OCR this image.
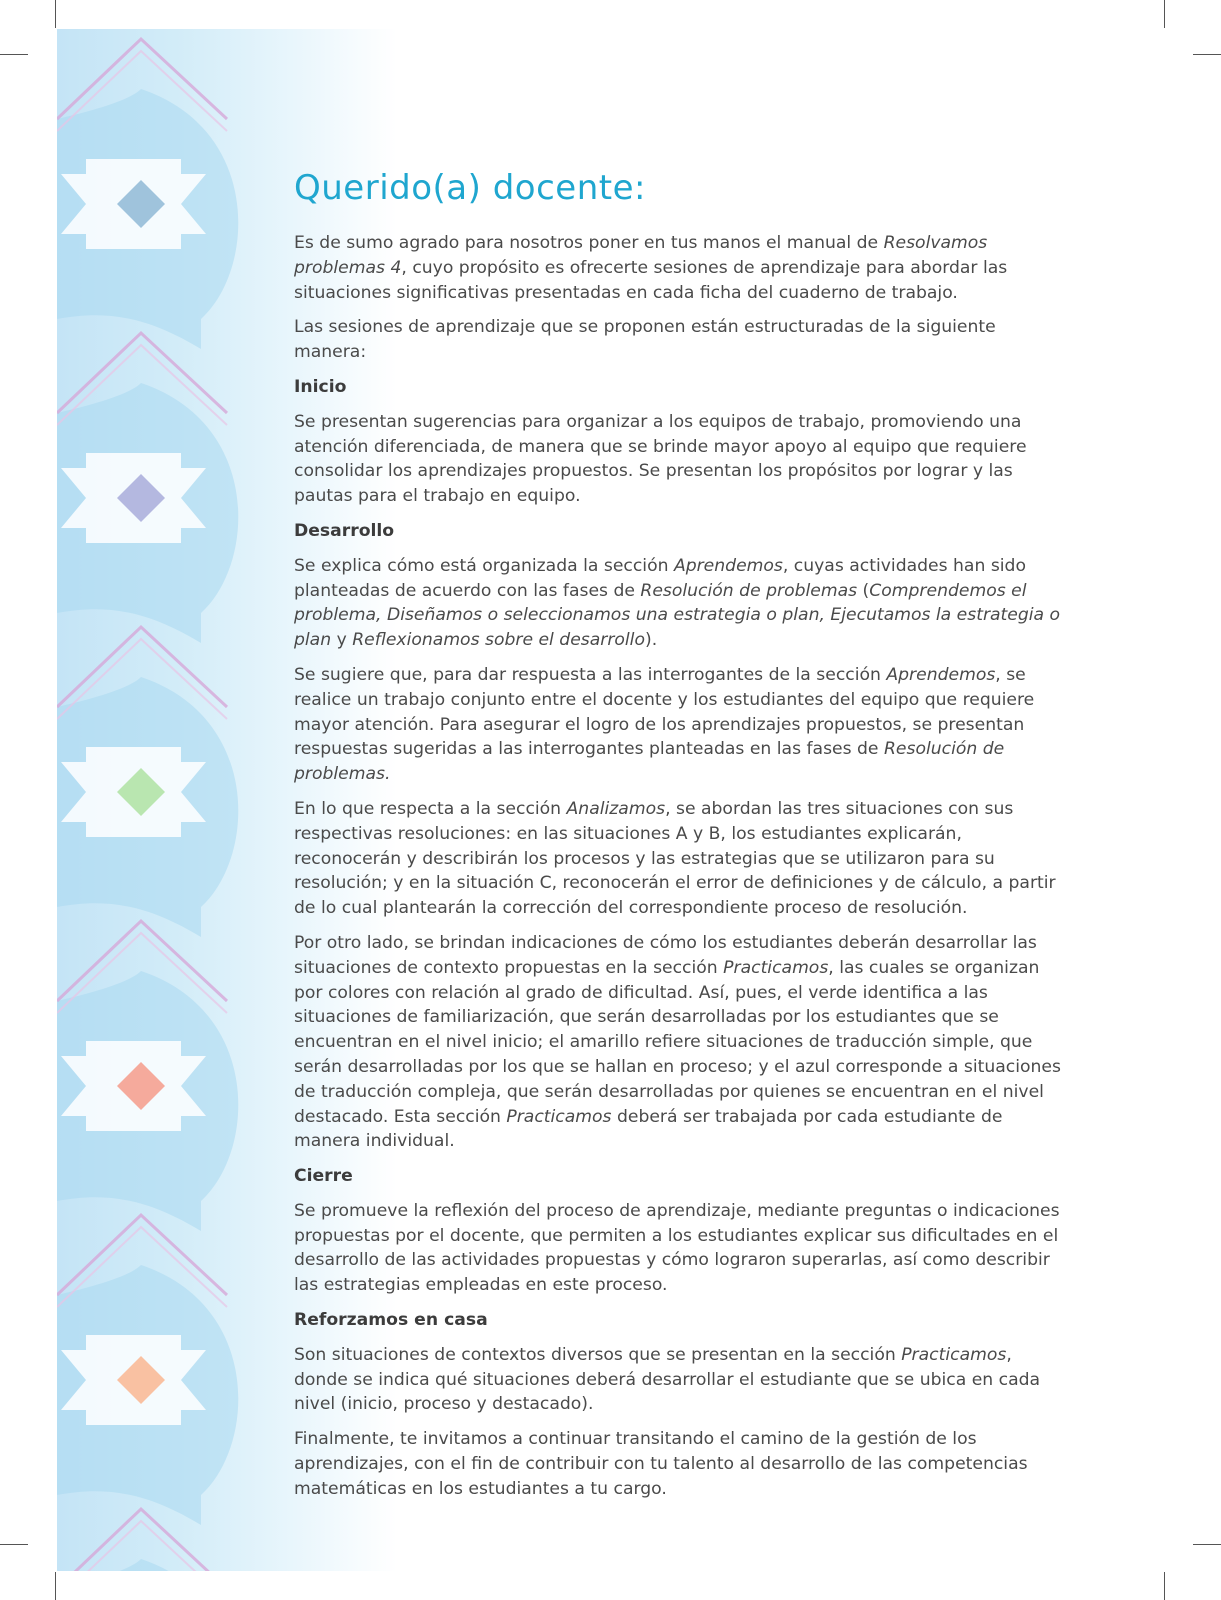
Querido(a) docente:

Es de sumo agrado para nosotros poner en tus manos el manual de Resolvamos problemas 4, cuyo propósito es ofrecerte sesiones de aprendizaje para abordar las situaciones significativas presentadas en cada ficha del cuaderno de trabajo.

Las sesiones de aprendizaje que se proponen están estructuradas de la siguiente manera:

Inicio

Se presentan sugerencias para organizar a los equipos de trabajo, promoviendo una atención diferenciada, de manera que se brinde mayor apoyo al equipo que requiere consolidar los aprendizajes propuestos. Se presentan los propósitos por lograr y las pautas para el trabajo en equipo.

Desarrollo

Se explica cómo está organizada la sección Aprendemos, cuyas actividades han sido planteadas de acuerdo con las fases de Resolución de problemas (Comprendemos el problema, Diseñamos o seleccionamos una estrategia o plan, Ejecutamos la estrategia o plan y Reflexionamos sobre el desarrollo).

Se sugiere que, para dar respuesta a las interrogantes de la sección Aprendemos, se realice un trabajo conjunto entre el docente y los estudiantes del equipo que requiere mayor atención. Para asegurar el logro de los aprendizajes propuestos, se presentan respuestas sugeridas a las interrogantes planteadas en las fases de Resolución de problemas.

En lo que respecta a la sección Analizamos, se abordan las tres situaciones con sus respectivas resoluciones: en las situaciones A y B, los estudiantes explicarán, reconocerán y describirán los procesos y las estrategias que se utilizaron para su resolución; y en la situación C, reconocerán el error de definiciones y de cálculo, a partir de lo cual plantearán la corrección del correspondiente proceso de resolución.

Por otro lado, se brindan indicaciones de cómo los estudiantes deberán desarrollar las situaciones de contexto propuestas en la sección Practicamos, las cuales se organizan por colores con relación al grado de dificultad. Así, pues, el verde identifica a las situaciones de familiarización, que serán desarrolladas por los estudiantes que se encuentran en el nivel inicio; el amarillo refiere situaciones de traducción simple, que serán desarrolladas por los que se hallan en proceso; y el azul corresponde a situaciones de traducción compleja, que serán desarrolladas por quienes se encuentran en el nivel destacado. Esta sección Practicamos deberá ser trabajada por cada estudiante de manera individual.

Cierre

Se promueve la reflexión del proceso de aprendizaje, mediante preguntas o indicaciones propuestas por el docente, que permiten a los estudiantes explicar sus dificultades en el desarrollo de las actividades propuestas y cómo lograron superarlas, así como describir las estrategias empleadas en este proceso.

Reforzamos en casa

Son situaciones de contextos diversos que se presentan en la sección Practicamos, donde se indica qué situaciones deberá desarrollar el estudiante que se ubica en cada nivel (inicio, proceso y destacado).

Finalmente, te invitamos a continuar transitando el camino de la gestión de los aprendizajes, con el fin de contribuir con tu talento al desarrollo de las competencias matemáticas en los estudiantes a tu cargo.
